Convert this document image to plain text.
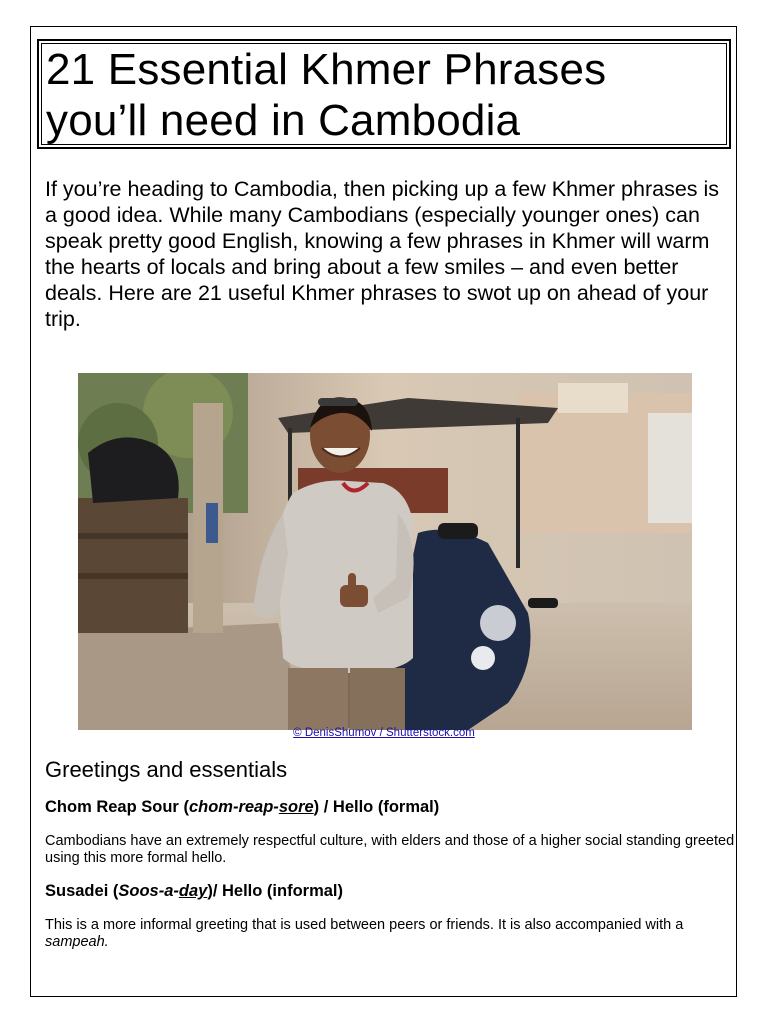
21 Essential Khmer Phrases
you’ll need in Cambodia

If you’re heading to Cambodia, then picking up a few Khmer phrases is a good idea. While many Cambodians (especially younger ones) can speak pretty good English, knowing a few phrases in Khmer will warm the hearts of locals and bring about a few smiles – and even better deals. Here are 21 useful Khmer phrases to swot up on ahead of your trip.

© DenisShumov / Shutterstock.com
Greetings and essentials

Chom Reap Sour (chom-reap-sore) / Hello (formal)

Cambodians have an extremely respectful culture, with elders and those of a higher social standing greeted using this more formal hello.

Susadei (Soos-a-day)/ Hello (informal)

This is a more informal greeting that is used between peers or friends. It is also accompanied with a sampeah.
